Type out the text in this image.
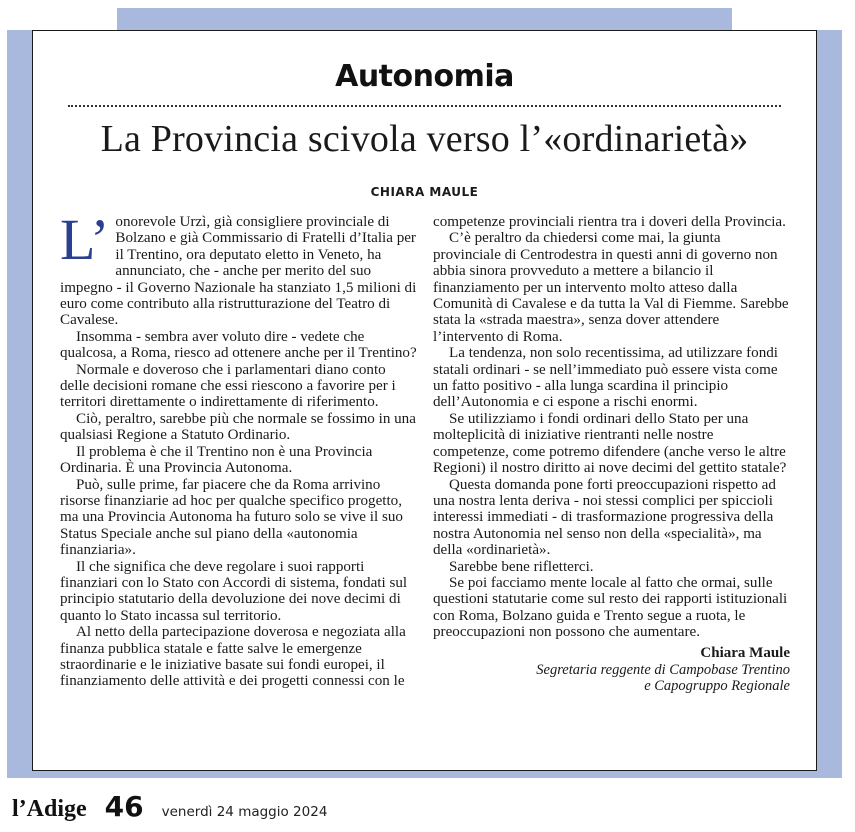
Autonomia
La Provincia scivola verso l’«ordinarietà»
CHIARA MAULE

L’ onorevole Urzì, già consigliere provinciale di Bolzano e già Commissario di Fratelli d’Italia per il Trentino, ora deputato eletto in Veneto, ha annunciato, che - anche per merito del suo impegno - il Governo Nazionale ha stanziato 1,5 milioni di euro come contributo alla ristrutturazione del Teatro di Cavalese.

Insomma - sembra aver voluto dire - vedete che qualcosa, a Roma, riesco ad ottenere anche per il Trentino?

Normale e doveroso che i parlamentari diano conto delle decisioni romane che essi riescono a favorire per i territori direttamente o indirettamente di riferimento.

Ciò, peraltro, sarebbe più che normale se fossimo in una qualsiasi Regione a Statuto Ordinario.

Il problema è che il Trentino non è una Provincia Ordinaria. È una Provincia Autonoma.

Può, sulle prime, far piacere che da Roma arrivino risorse finanziarie ad hoc per qualche specifico progetto, ma una Provincia Autonoma ha futuro solo se vive il suo Status Speciale anche sul piano della «autonomia finanziaria».

Il che significa che deve regolare i suoi rapporti finanziari con lo Stato con Accordi di sistema, fondati sul principio statutario della devoluzione dei nove decimi di quanto lo Stato incassa sul territorio.

Al netto della partecipazione doverosa e negoziata alla finanza pubblica statale e fatte salve le emergenze straordinarie e le iniziative basate sui fondi europei, il finanziamento delle attività e dei progetti connessi con le

competenze provinciali rientra tra i doveri della Provincia.

C’è peraltro da chiedersi come mai, la giunta provinciale di Centrodestra in questi anni di governo non abbia sinora provveduto a mettere a bilancio il finanziamento per un intervento molto atteso dalla Comunità di Cavalese e da tutta la Val di Fiemme. Sarebbe stata la «strada maestra», senza dover attendere l’intervento di Roma.

La tendenza, non solo recentissima, ad utilizzare fondi statali ordinari - se nell’immediato può essere vista come un fatto positivo - alla lunga scardina il principio dell’Autonomia e ci espone a rischi enormi.

Se utilizziamo i fondi ordinari dello Stato per una molteplicità di iniziative rientranti nelle nostre competenze, come potremo difendere (anche verso le altre Regioni) il nostro diritto ai nove decimi del gettito statale?

Questa domanda pone forti preoccupazioni rispetto ad una nostra lenta deriva - noi stessi complici per spiccioli interessi immediati - di trasformazione progressiva della nostra Autonomia nel senso non della «specialità», ma della «ordinarietà».

Sarebbe bene rifletterci.

Se poi facciamo mente locale al fatto che ormai, sulle questioni statutarie come sul resto dei rapporti istituzionali con Roma, Bolzano guida e Trento segue a ruota, le preoccupazioni non possono che aumentare.

Chiara Maule
Segretaria reggente di Campobase Trentino
e Capogruppo Regionale
l’Adige 46 venerdì 24 maggio 2024
